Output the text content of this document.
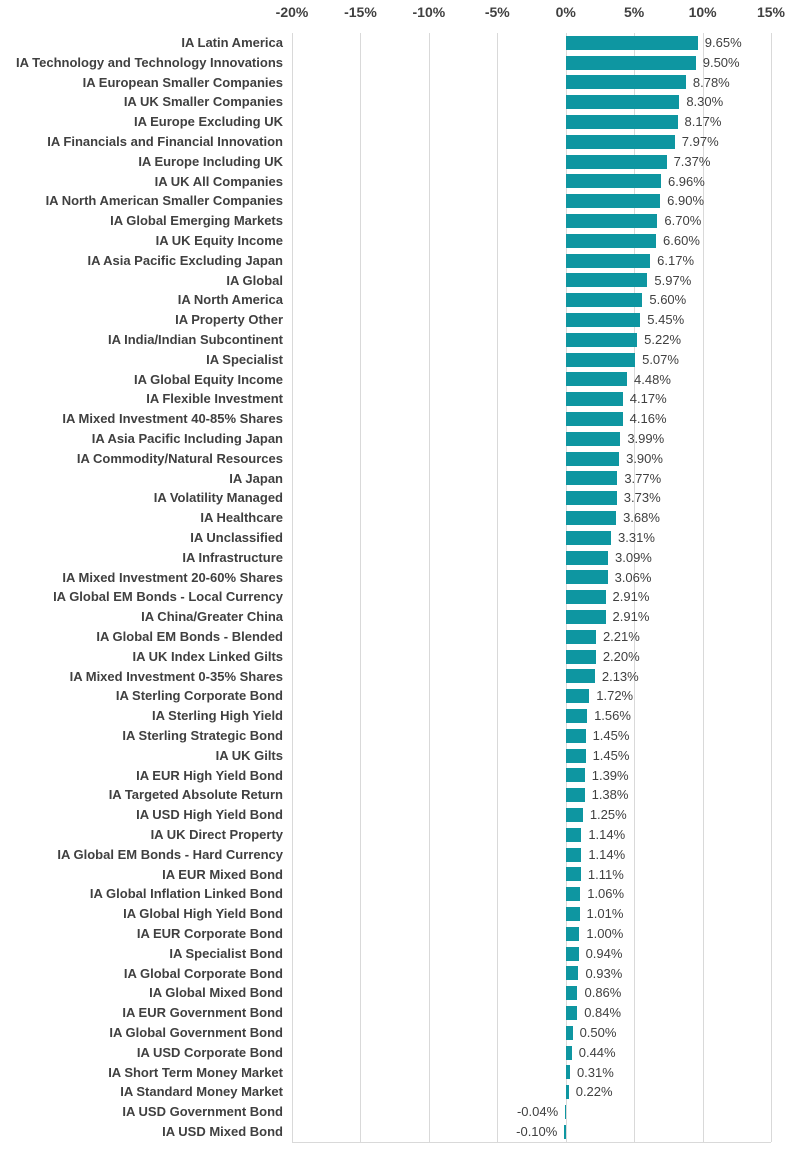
-20%	-15%	-10%	-5%	0%	5%	10%	15%
IA Latin America	9.65%
IA Technology and Technology Innovations	9.50%
IA European Smaller Companies	8.78%
IA UK Smaller Companies	8.30%
IA Europe Excluding UK	8.17%
IA Financials and Financial Innovation	7.97%
IA Europe Including UK	7.37%
IA UK All Companies	6.96%
IA North American Smaller Companies	6.90%
IA Global Emerging Markets	6.70%
IA UK Equity Income	6.60%
IA Asia Pacific Excluding Japan	6.17%
IA Global	5.97%
IA North America	5.60%
IA Property Other	5.45%
IA India/Indian Subcontinent	5.22%
IA Specialist	5.07%
IA Global Equity Income	4.48%
IA Flexible Investment	4.17%
IA Mixed Investment 40-85% Shares	4.16%
IA Asia Pacific Including Japan	3.99%
IA Commodity/Natural Resources	3.90%
IA Japan	3.77%
IA Volatility Managed	3.73%
IA Healthcare	3.68%
IA Unclassified	3.31%
IA Infrastructure	3.09%
IA Mixed Investment 20-60% Shares	3.06%
IA Global EM Bonds - Local Currency	2.91%
IA China/Greater China	2.91%
IA Global EM Bonds - Blended	2.21%
IA UK Index Linked Gilts	2.20%
IA Mixed Investment 0-35% Shares	2.13%
IA Sterling Corporate Bond	1.72%
IA Sterling High Yield	1.56%
IA Sterling Strategic Bond	1.45%
IA UK Gilts	1.45%
IA EUR High Yield Bond	1.39%
IA Targeted Absolute Return	1.38%
IA USD High Yield Bond	1.25%
IA UK Direct Property	1.14%
IA Global EM Bonds - Hard Currency	1.14%
IA EUR Mixed Bond	1.11%
IA Global Inflation Linked Bond	1.06%
IA Global High Yield Bond	1.01%
IA EUR Corporate Bond	1.00%
IA Specialist Bond	0.94%
IA Global Corporate Bond	0.93%
IA Global Mixed Bond	0.86%
IA EUR Government Bond	0.84%
IA Global Government Bond	0.50%
IA USD Corporate Bond	0.44%
IA Short Term Money Market	0.31%
IA Standard Money Market	0.22%
IA USD Government Bond	-0.04%
IA USD Mixed Bond	-0.10%
